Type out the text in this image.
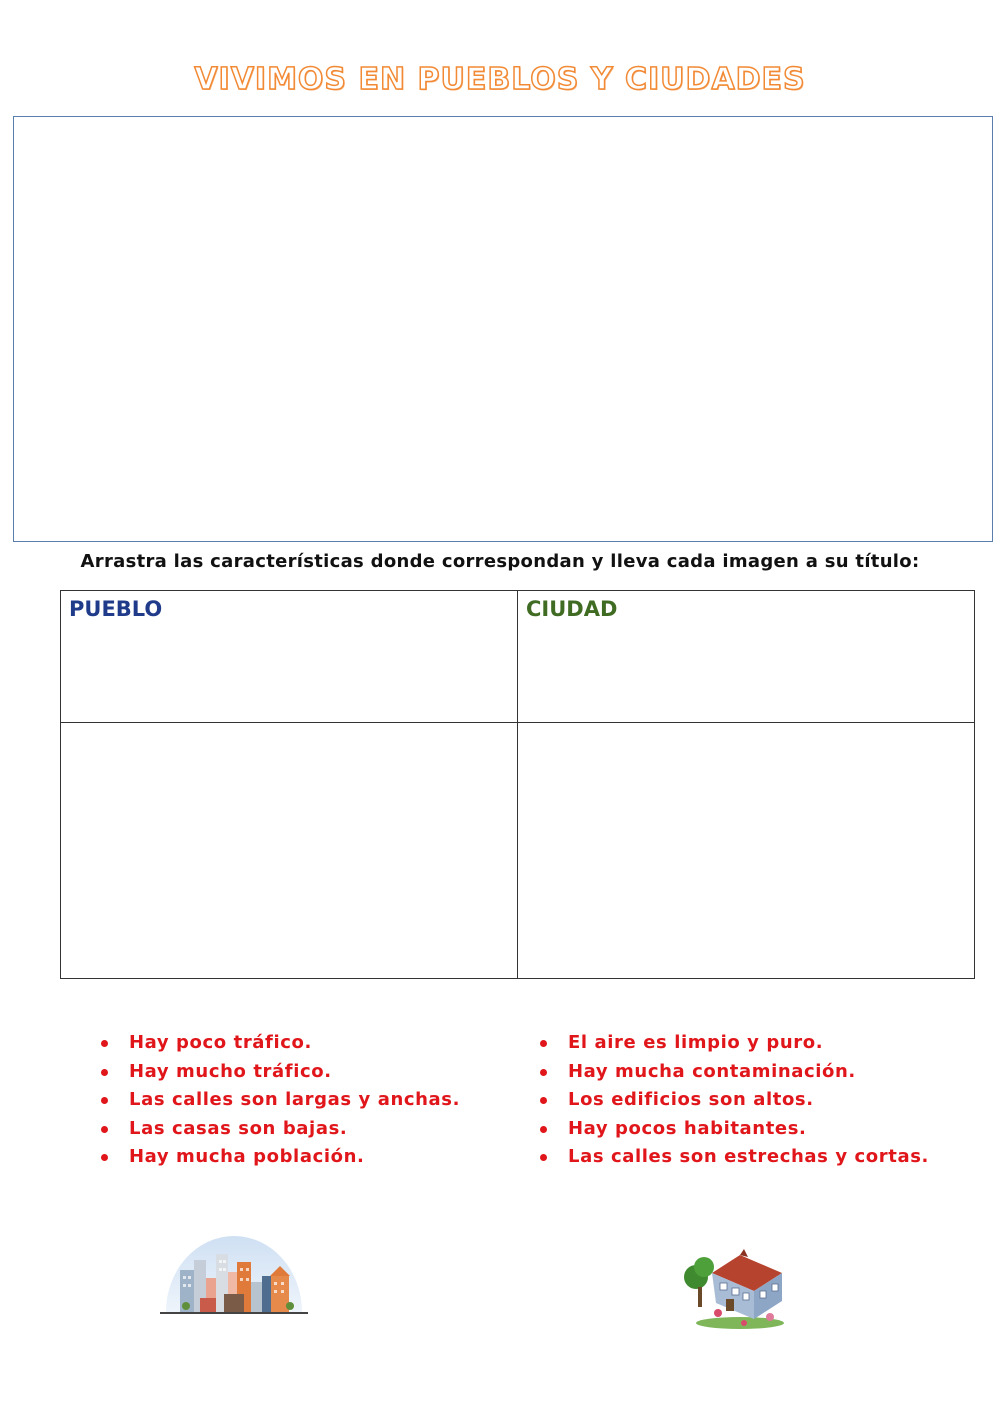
VIVIMOS EN PUEBLOS Y CIUDADES
Arrastra las características donde correspondan y lleva cada imagen a su título:
PUEBLO	CIUDAD
Hay poco tráfico.
Hay mucho tráfico.
Las calles son largas y anchas.
Las casas son bajas.
Hay mucha población.
El aire es limpio y puro.
Hay mucha contaminación.
Los edificios son altos.
Hay pocos habitantes.
Las calles son estrechas y cortas.
